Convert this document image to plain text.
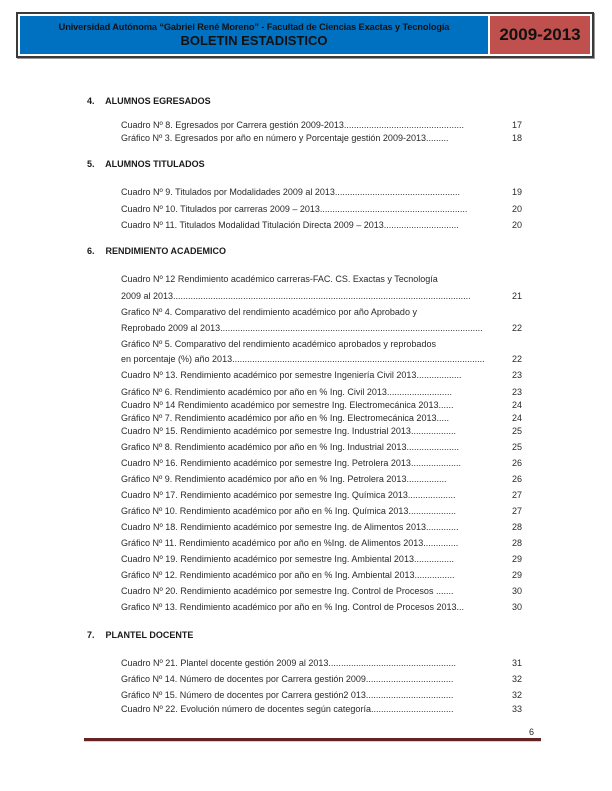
Universidad Autónoma “Gabriel René Moreno” - Facultad de Ciencias Exactas y Tecnología
BOLETIN ESTADISTICO	2009-2013
4. ALUMNOS EGRESADOS
Cuadro Nº 8. Egresados por Carrera gestión 2009-2013................................................	17
Gráfico Nº 3. Egresados por año en número y Porcentaje gestión 2009-2013.........	18
5. ALUMNOS TITULADOS
Cuadro Nº 9. Titulados por Modalidades 2009 al 2013..................................................	19
Cuadro Nº 10. Titulados por carreras 2009 – 2013...........................................................	20
Cuadro Nº 11. Titulados Modalidad Titulación Directa 2009 – 2013..............................	20
6. RENDIMIENTO ACADEMICO
Cuadro Nº 12 Rendimiento académico carreras-FAC. CS. Exactas y Tecnología
2009 al 2013.......................................................................................................................	21
Grafico Nº 4. Comparativo del rendimiento académico por año Aprobado y
Reprobado 2009 al 2013.........................................................................................................	22
Gráfico Nº 5. Comparativo del rendimiento académico aprobados y reprobados
en porcentaje (%) año 2013.....................................................................................................	22
Cuadro Nº 13. Rendimiento académico por semestre Ingeniería Civil 2013..................	23
Gráfico Nº 6. Rendimiento académico por año en % Ing. Civil 2013..........................	23
Cuadro Nº 14 Rendimiento académico por semestre Ing. Electromecánica 2013......	24
Gráfico Nº 7. Rendimiento académico por año en % Ing. Electromecánica 2013.....	24
Cuadro Nº 15. Rendimiento académico por semestre Ing. Industrial 2013..................	25
Grafico Nº 8. Rendimiento académico por año en % Ing. Industrial 2013.....................	25
Cuadro Nº 16. Rendimiento académico por semestre Ing. Petrolera 2013....................	26
Gráfico Nº 9. Rendimiento académico por año en % Ing. Petrolera 2013................	26
Cuadro Nº 17. Rendimiento académico por semestre Ing. Química 2013...................	27
Gráfico Nº 10. Rendimiento académico por año en % Ing. Química 2013...................	27
Cuadro Nº 18. Rendimiento académico por semestre Ing. de Alimentos 2013.............	28
Gráfico Nº 11. Rendimiento académico por año en %Ing. de Alimentos 2013..............	28
Cuadro Nº 19. Rendimiento académico por semestre Ing. Ambiental 2013................	29
Gráfico Nº 12. Rendimiento académico por año en % Ing. Ambiental 2013................	29
Cuadro Nº 20. Rendimiento académico por semestre Ing. Control de Procesos .......	30
Grafico Nº 13. Rendimiento académico por año en % Ing. Control de Procesos 2013...	30
7. PLANTEL DOCENTE
Cuadro Nº 21. Plantel docente gestión 2009 al 2013...................................................	31
Gráfico Nº 14. Número de docentes por Carrera gestión 2009...................................	32
Gráfico Nº 15. Número de docentes por Carrera gestión2 013...................................	32
Cuadro Nº 22. Evolución número de docentes según categoría.................................	33
6
